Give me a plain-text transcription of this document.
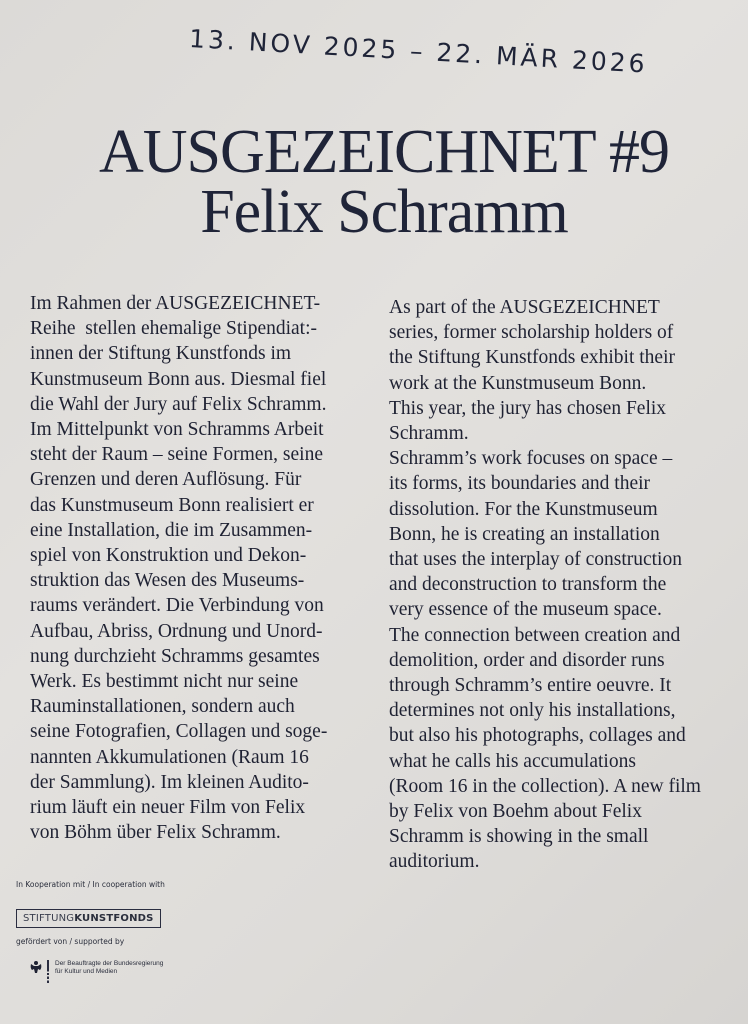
13. NOV 2025 – 22. MÄR 2026
AUSGEZEICHNET #9
Felix Schramm
Im Rahmen der AUSGEZEICHNET-
Reihe  stellen ehemalige Stipendiat:-
innen der Stiftung Kunstfonds im
Kunstmuseum Bonn aus. Diesmal fiel
die Wahl der Jury auf Felix Schramm.
Im Mittelpunkt von Schramms Arbeit
steht der Raum – seine Formen, seine
Grenzen und deren Auflösung. Für
das Kunstmuseum Bonn realisiert er
eine Installation, die im Zusammen-
spiel von Konstruktion und Dekon-
struktion das Wesen des Museums-
raums verändert. Die Verbindung von
Aufbau, Abriss, Ordnung und Unord-
nung durchzieht Schramms gesamtes
Werk. Es bestimmt nicht nur seine
Rauminstallationen, sondern auch
seine Fotografien, Collagen und soge-
nannten Akkumulationen (Raum 16
der Sammlung). Im kleinen Audito-
rium läuft ein neuer Film von Felix
von Böhm über Felix Schramm.
As part of the AUSGEZEICHNET
series, former scholarship holders of
the Stiftung Kunstfonds exhibit their
work at the Kunstmuseum Bonn.
This year, the jury has chosen Felix
Schramm.
Schramm’s work focuses on space –
its forms, its boundaries and their
dissolution. For the Kunstmuseum
Bonn, he is creating an installation
that uses the interplay of construction
and deconstruction to transform the
very essence of the museum space.
The connection between creation and
demolition, order and disorder runs
through Schramm’s entire oeuvre. It
determines not only his installations,
but also his photographs, collages and
what he calls his accumulations
(Room 16 in the collection). A new film
by Felix von Boehm about Felix
Schramm is showing in the small
auditorium.
In Kooperation mit / In cooperation with
STIFTUNGKUNSTFONDS
gefördert von / supported by
Der Beauftragte der Bundesregierung
für Kultur und Medien
